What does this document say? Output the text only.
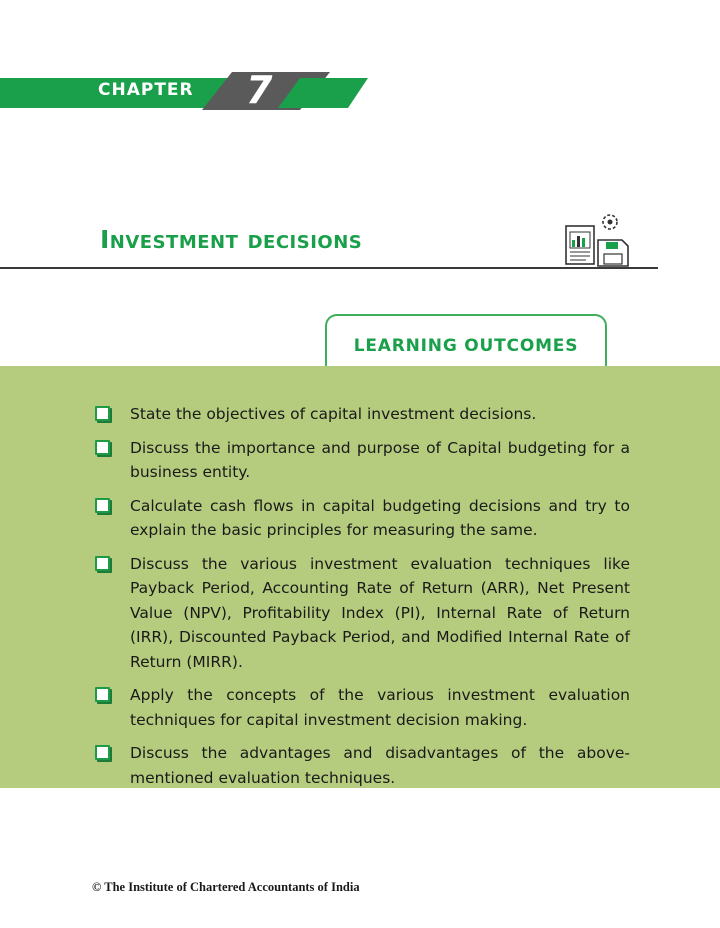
CHAPTER 7
Investment decisions
LEARNING OUTCOMES
State the objectives of capital investment decisions.
Discuss the importance and purpose of Capital budgeting for a business entity.
Calculate cash flows in capital budgeting decisions and try to explain the basic principles for measuring the same.
Discuss the various investment evaluation techniques like Payback Period, Accounting Rate of Return (ARR), Net Present Value (NPV), Profitability Index (PI), Internal Rate of Return (IRR), Discounted Payback Period, and Modified Internal Rate of Return (MIRR).
Apply the concepts of the various investment evaluation techniques for capital investment decision making.
Discuss the advantages and disadvantages of the above-mentioned evaluation techniques.

© The Institute of Chartered Accountants of India
